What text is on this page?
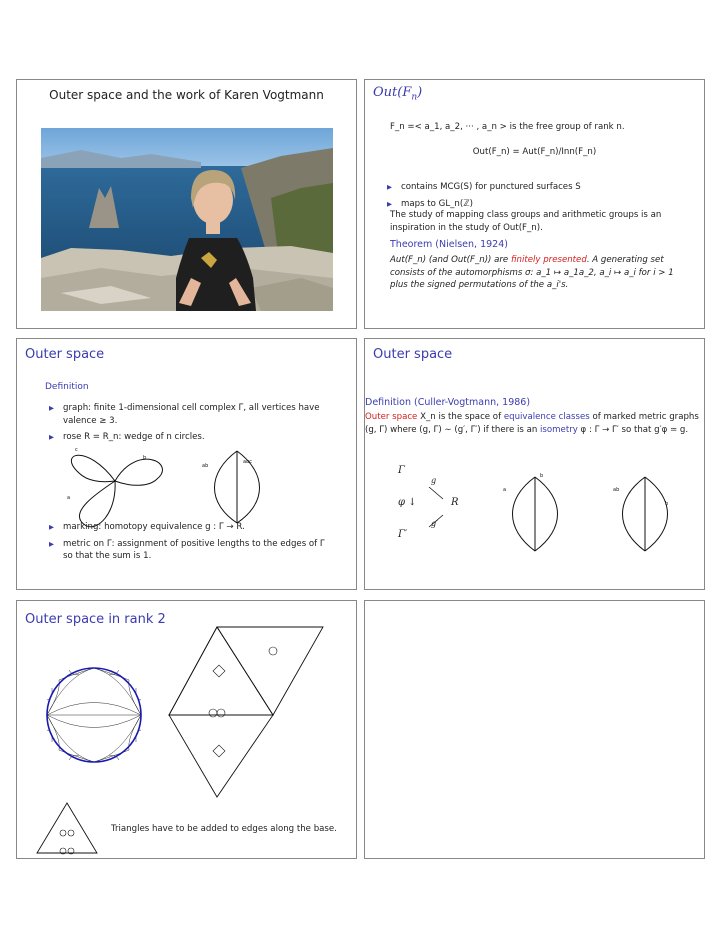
Outer space and the work of Karen Vogtmann	$Out(F_n)$
F_n =< a_1, a_2, ··· , a_n > is the free group of rank n.
Out(F_n) = Aut(F_n)/Inn(F_n)
▶ contains MCG(S) for punctured surfaces S
▶ maps to GL_n(ℤ)
The study of mapping class groups and arithmetic groups is an inspiration in the study of Out(F_n).
Theorem (Nielsen, 1924)
Aut(F_n) (and Out(F_n)) are finitely presented. A generating set consists of the automorphisms σ: a_1 ↦ a_1a_2, a_i ↦ a_i for i > 1 plus the signed permutations of the a_i's.
Outer space
Definition
▶ graph: finite 1-dimensional cell complex Γ, all vertices have valence ≥ 3.
▶ rose R = R_n: wedge of n circles.
c
b
a
ab
abc
▶ marking: homotopy equivalence g : Γ → R.
▶ metric on Γ: assignment of positive lengths to the edges of Γ so that the sum is 1.
Outer space
Definition (Culler-Vogtmann, 1986)
Outer space X_n is the space of equivalence classes of marked metric graphs (g, Γ) where (g, Γ) ∼ (g′, Γ′) if there is an isometry φ : Γ → Γ′ so that g′φ ≃ g.
Γ
g
φ ↓	R
g′
Γ′
a
b
ab
b
Outer space in rank 2
Triangles have to be added to edges along the base.
